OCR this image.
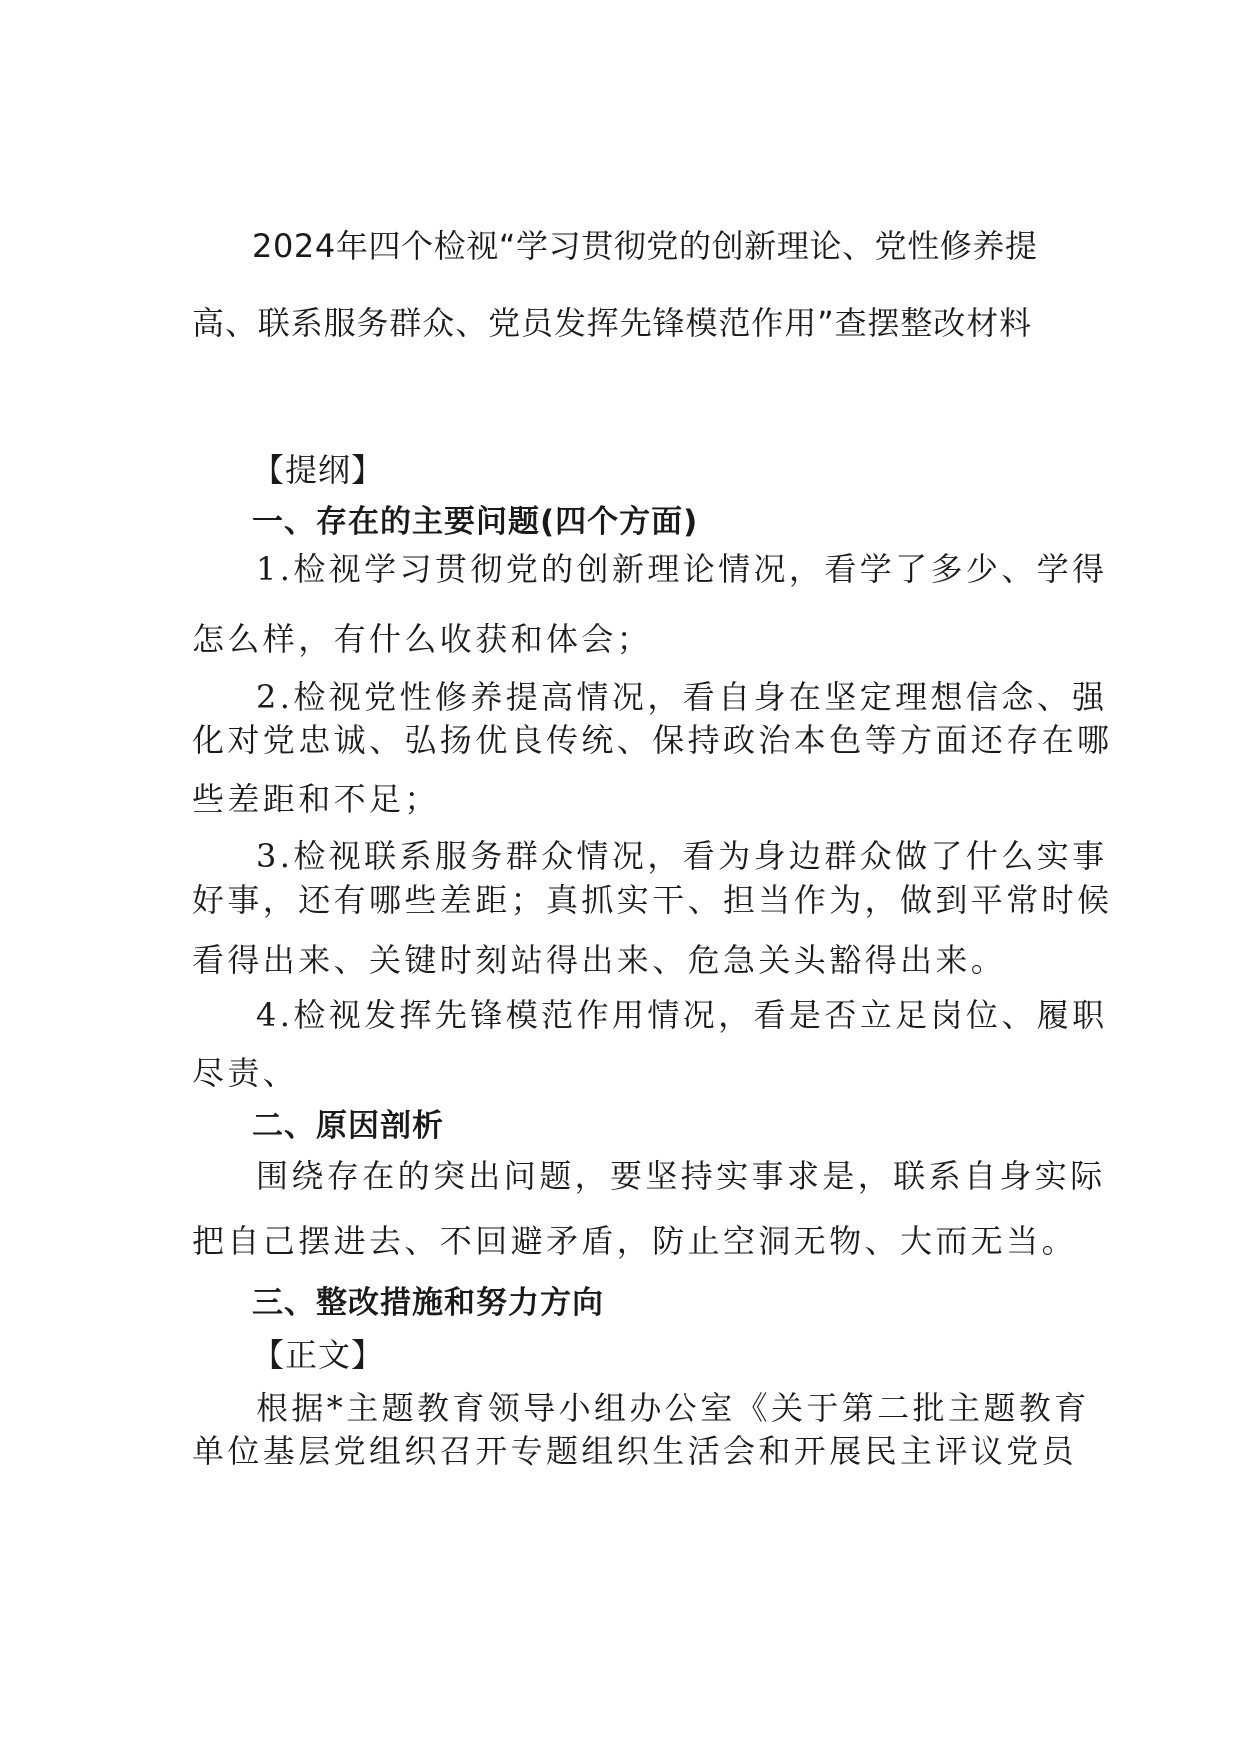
2024年四个检视“学习贯彻党的创新理论、党性修养提

高、联系服务群众、党员发挥先锋模范作用”查摆整改材料

【提纲】

一、存在的主要问题(四个方面)

1.检视学习贯彻党的创新理论情况，看学了多少、学得

怎么样，有什么收获和体会；

2.检视党性修养提高情况，看自身在坚定理想信念、强

化对党忠诚、弘扬优良传统、保持政治本色等方面还存在哪

些差距和不足；

3.检视联系服务群众情况，看为身边群众做了什么实事

好事，还有哪些差距；真抓实干、担当作为，做到平常时候

看得出来、关键时刻站得出来、危急关头豁得出来。

4.检视发挥先锋模范作用情况，看是否立足岗位、履职

尽责、

二、原因剖析

围绕存在的突出问题，要坚持实事求是，联系自身实际

把自己摆进去、不回避矛盾，防止空洞无物、大而无当。

三、整改措施和努力方向

【正文】

根据*主题教育领导小组办公室《关于第二批主题教育

单位基层党组织召开专题组织生活会和开展民主评议党员
